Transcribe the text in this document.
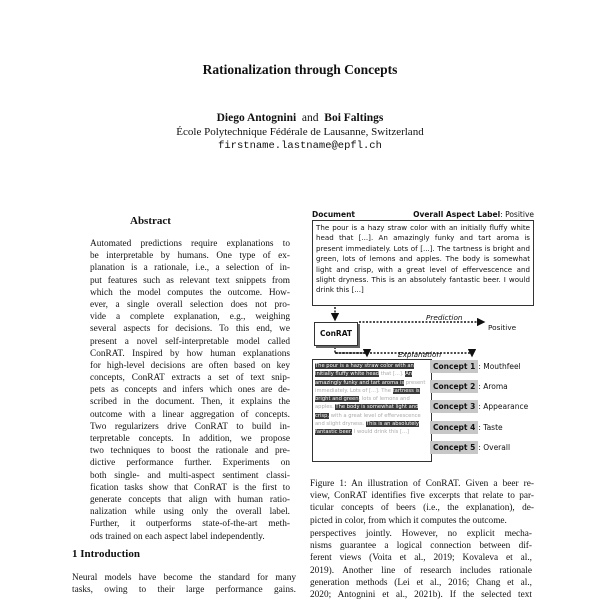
Rationalization through Concepts
Diego Antognini and Boi Faltings
École Polytechnique Fédérale de Lausanne, Switzerland
firstname.lastname@epfl.ch
Abstract
Automated predictions require explanations to
be interpretable by humans. One type of ex-
planation is a rationale, i.e., a selection of in-
put features such as relevant text snippets from
which the model computes the outcome. How-
ever, a single overall selection does not pro-
vide a complete explanation, e.g., weighing
several aspects for decisions. To this end, we
present a novel self-interpretable model called
ConRAT. Inspired by how human explanations
for high-level decisions are often based on key
concepts, ConRAT extracts a set of text snip-
pets as concepts and infers which ones are de-
scribed in the document. Then, it explains the
outcome with a linear aggregation of concepts.
Two regularizers drive ConRAT to build in-
terpretable concepts. In addition, we propose
two techniques to boost the rationale and pre-
dictive performance further. Experiments on
both single- and multi-aspect sentiment classi-
fication tasks show that ConRAT is the first to
generate concepts that align with human ratio-
nalization while using only the overall label.
Further, it outperforms state-of-the-art meth-
ods trained on each aspect label independently.
1 Introduction
Neural models have become the standard for many
tasks, owing to their large performance gains.
perspectives jointly. However, no explicit mecha-
nisms guarantee a logical connection between dif-
ferent views (Voita et al., 2019; Kovaleva et al.,
2019). Another line of research includes rationale
generation methods (Lei et al., 2016; Chang et al.,
2020; Antognini et al., 2021b). If the selected text
Document	Overall Aspect Label: Positive
The pour is a hazy straw color with an initially fluffy white head that [...]. An amazingly funky and tart aroma is present immediately. Lots of [...]. The tartness is bright and green, lots of lemons and apples. The body is somewhat light and crisp, with a great level of effervescence and slight dryness. This is an absolutely fantastic beer. I would drink this [...]
ConRAT
Prediction
Positive
Explanation
The pour is a hazy straw color with an initially fluffy white head that [...]. An amazingly funky and tart aroma is present immediately. Lots of [...]. The tartness is bright and green, lots of lemons and apples. The body is somewhat light and crisp, with a great level of effervescence and slight dryness. This is an absolutely fantastic beer. I would drink this [...]
Concept 1 : Mouthfeel
Concept 2 : Aroma
Concept 3 : Appearance
Concept 4 : Taste
Concept 5 : Overall
Figure 1: An illustration of ConRAT. Given a beer re-
view, ConRAT identifies five excerpts that relate to par-
ticular concepts of beers (i.e., the explanation), de-
picted in color, from which it computes the outcome.
